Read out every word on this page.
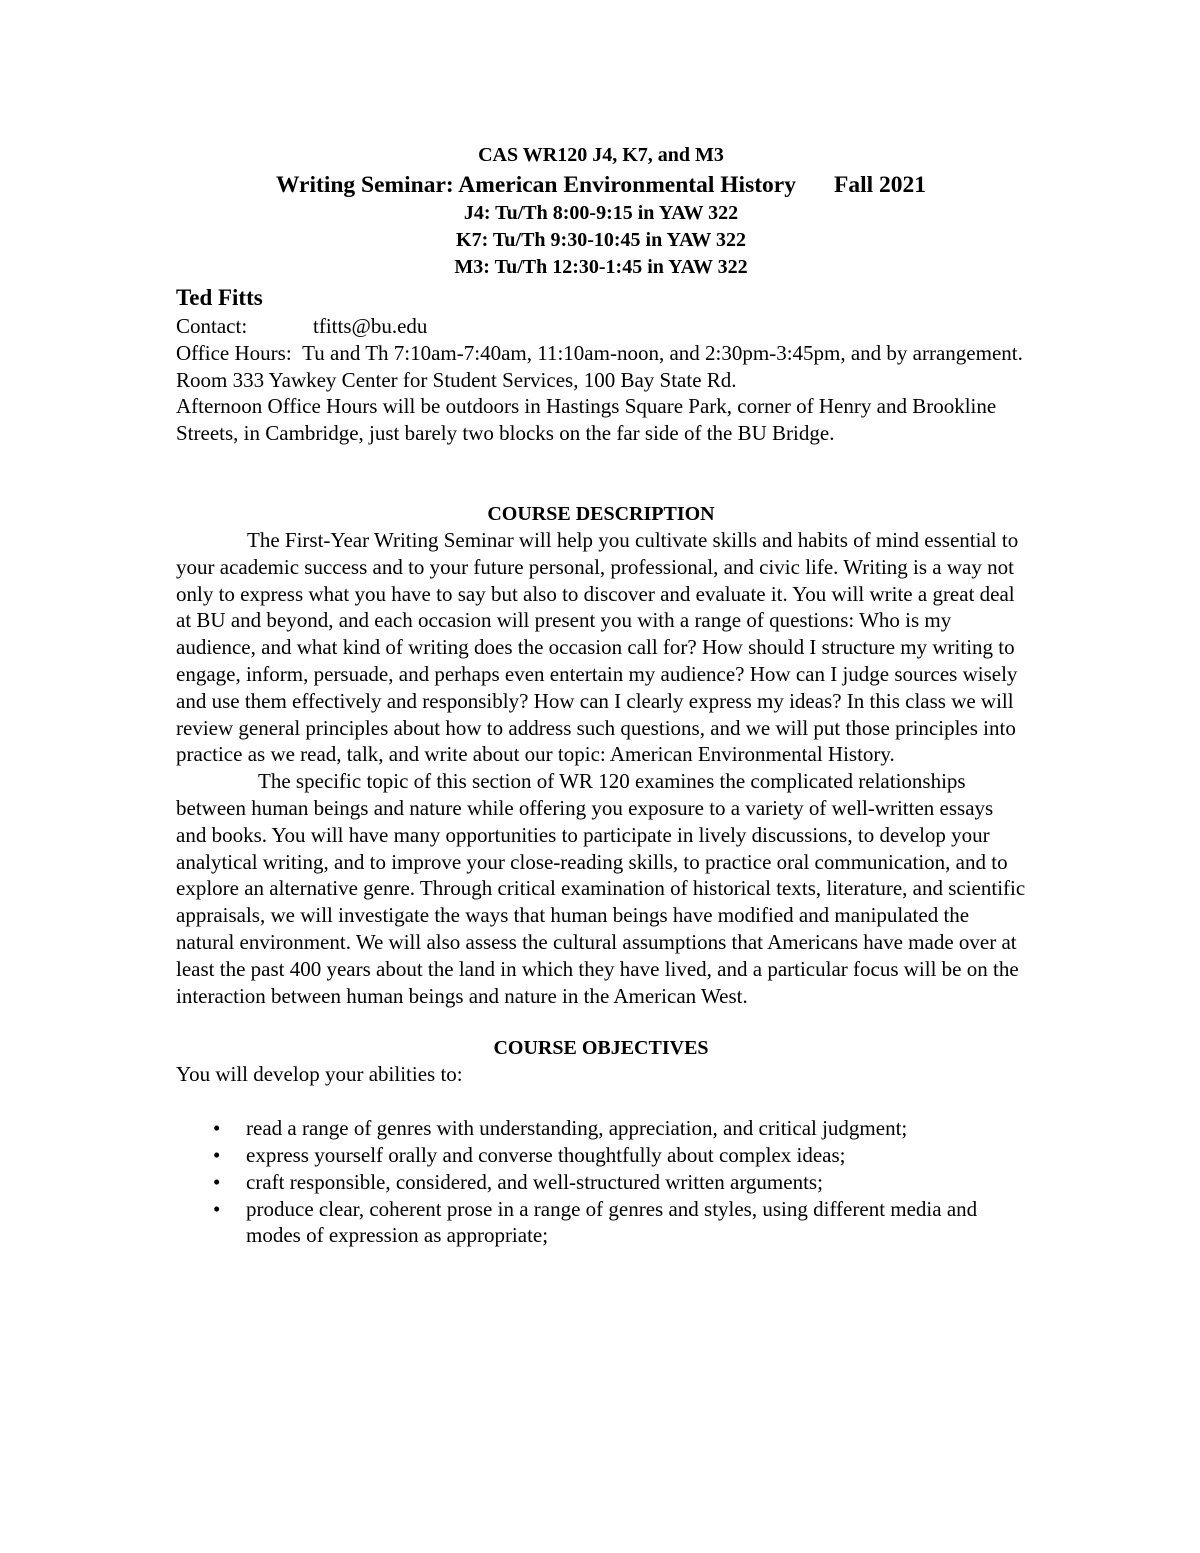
CAS WR120 J4, K7, and M3
Writing Seminar: American Environmental History Fall 2021
J4: Tu/Th 8:00-9:15 in YAW 322
K7: Tu/Th 9:30-10:45 in YAW 322
M3: Tu/Th 12:30-1:45 in YAW 322
Ted Fitts
Contact:	tfitts@bu.edu
Office Hours: Tu and Th 7:10am-7:40am, 11:10am-noon, and 2:30pm-3:45pm, and by arrangement.
Room 333 Yawkey Center for Student Services, 100 Bay State Rd.
Afternoon Office Hours will be outdoors in Hastings Square Park, corner of Henry and Brookline Streets, in Cambridge, just barely two blocks on the far side of the BU Bridge.
COURSE DESCRIPTION
The First-Year Writing Seminar will help you cultivate skills and habits of mind essential to your academic success and to your future personal, professional, and civic life. Writing is a way not only to express what you have to say but also to discover and evaluate it. You will write a great deal at BU and beyond, and each occasion will present you with a range of questions: Who is my audience, and what kind of writing does the occasion call for? How should I structure my writing to engage, inform, persuade, and perhaps even entertain my audience? How can I judge sources wisely and use them effectively and responsibly? How can I clearly express my ideas? In this class we will review general principles about how to address such questions, and we will put those principles into practice as we read, talk, and write about our topic: American Environmental History.
The specific topic of this section of WR 120 examines the complicated relationships between human beings and nature while offering you exposure to a variety of well-written essays and books. You will have many opportunities to participate in lively discussions, to develop your analytical writing, and to improve your close-reading skills, to practice oral communication, and to explore an alternative genre. Through critical examination of historical texts, literature, and scientific appraisals, we will investigate the ways that human beings have modified and manipulated the natural environment. We will also assess the cultural assumptions that Americans have made over at least the past 400 years about the land in which they have lived, and a particular focus will be on the interaction between human beings and nature in the American West.
COURSE OBJECTIVES
You will develop your abilities to:
• read a range of genres with understanding, appreciation, and critical judgment;
• express yourself orally and converse thoughtfully about complex ideas;
• craft responsible, considered, and well-structured written arguments;
• produce clear, coherent prose in a range of genres and styles, using different media and modes of expression as appropriate;
